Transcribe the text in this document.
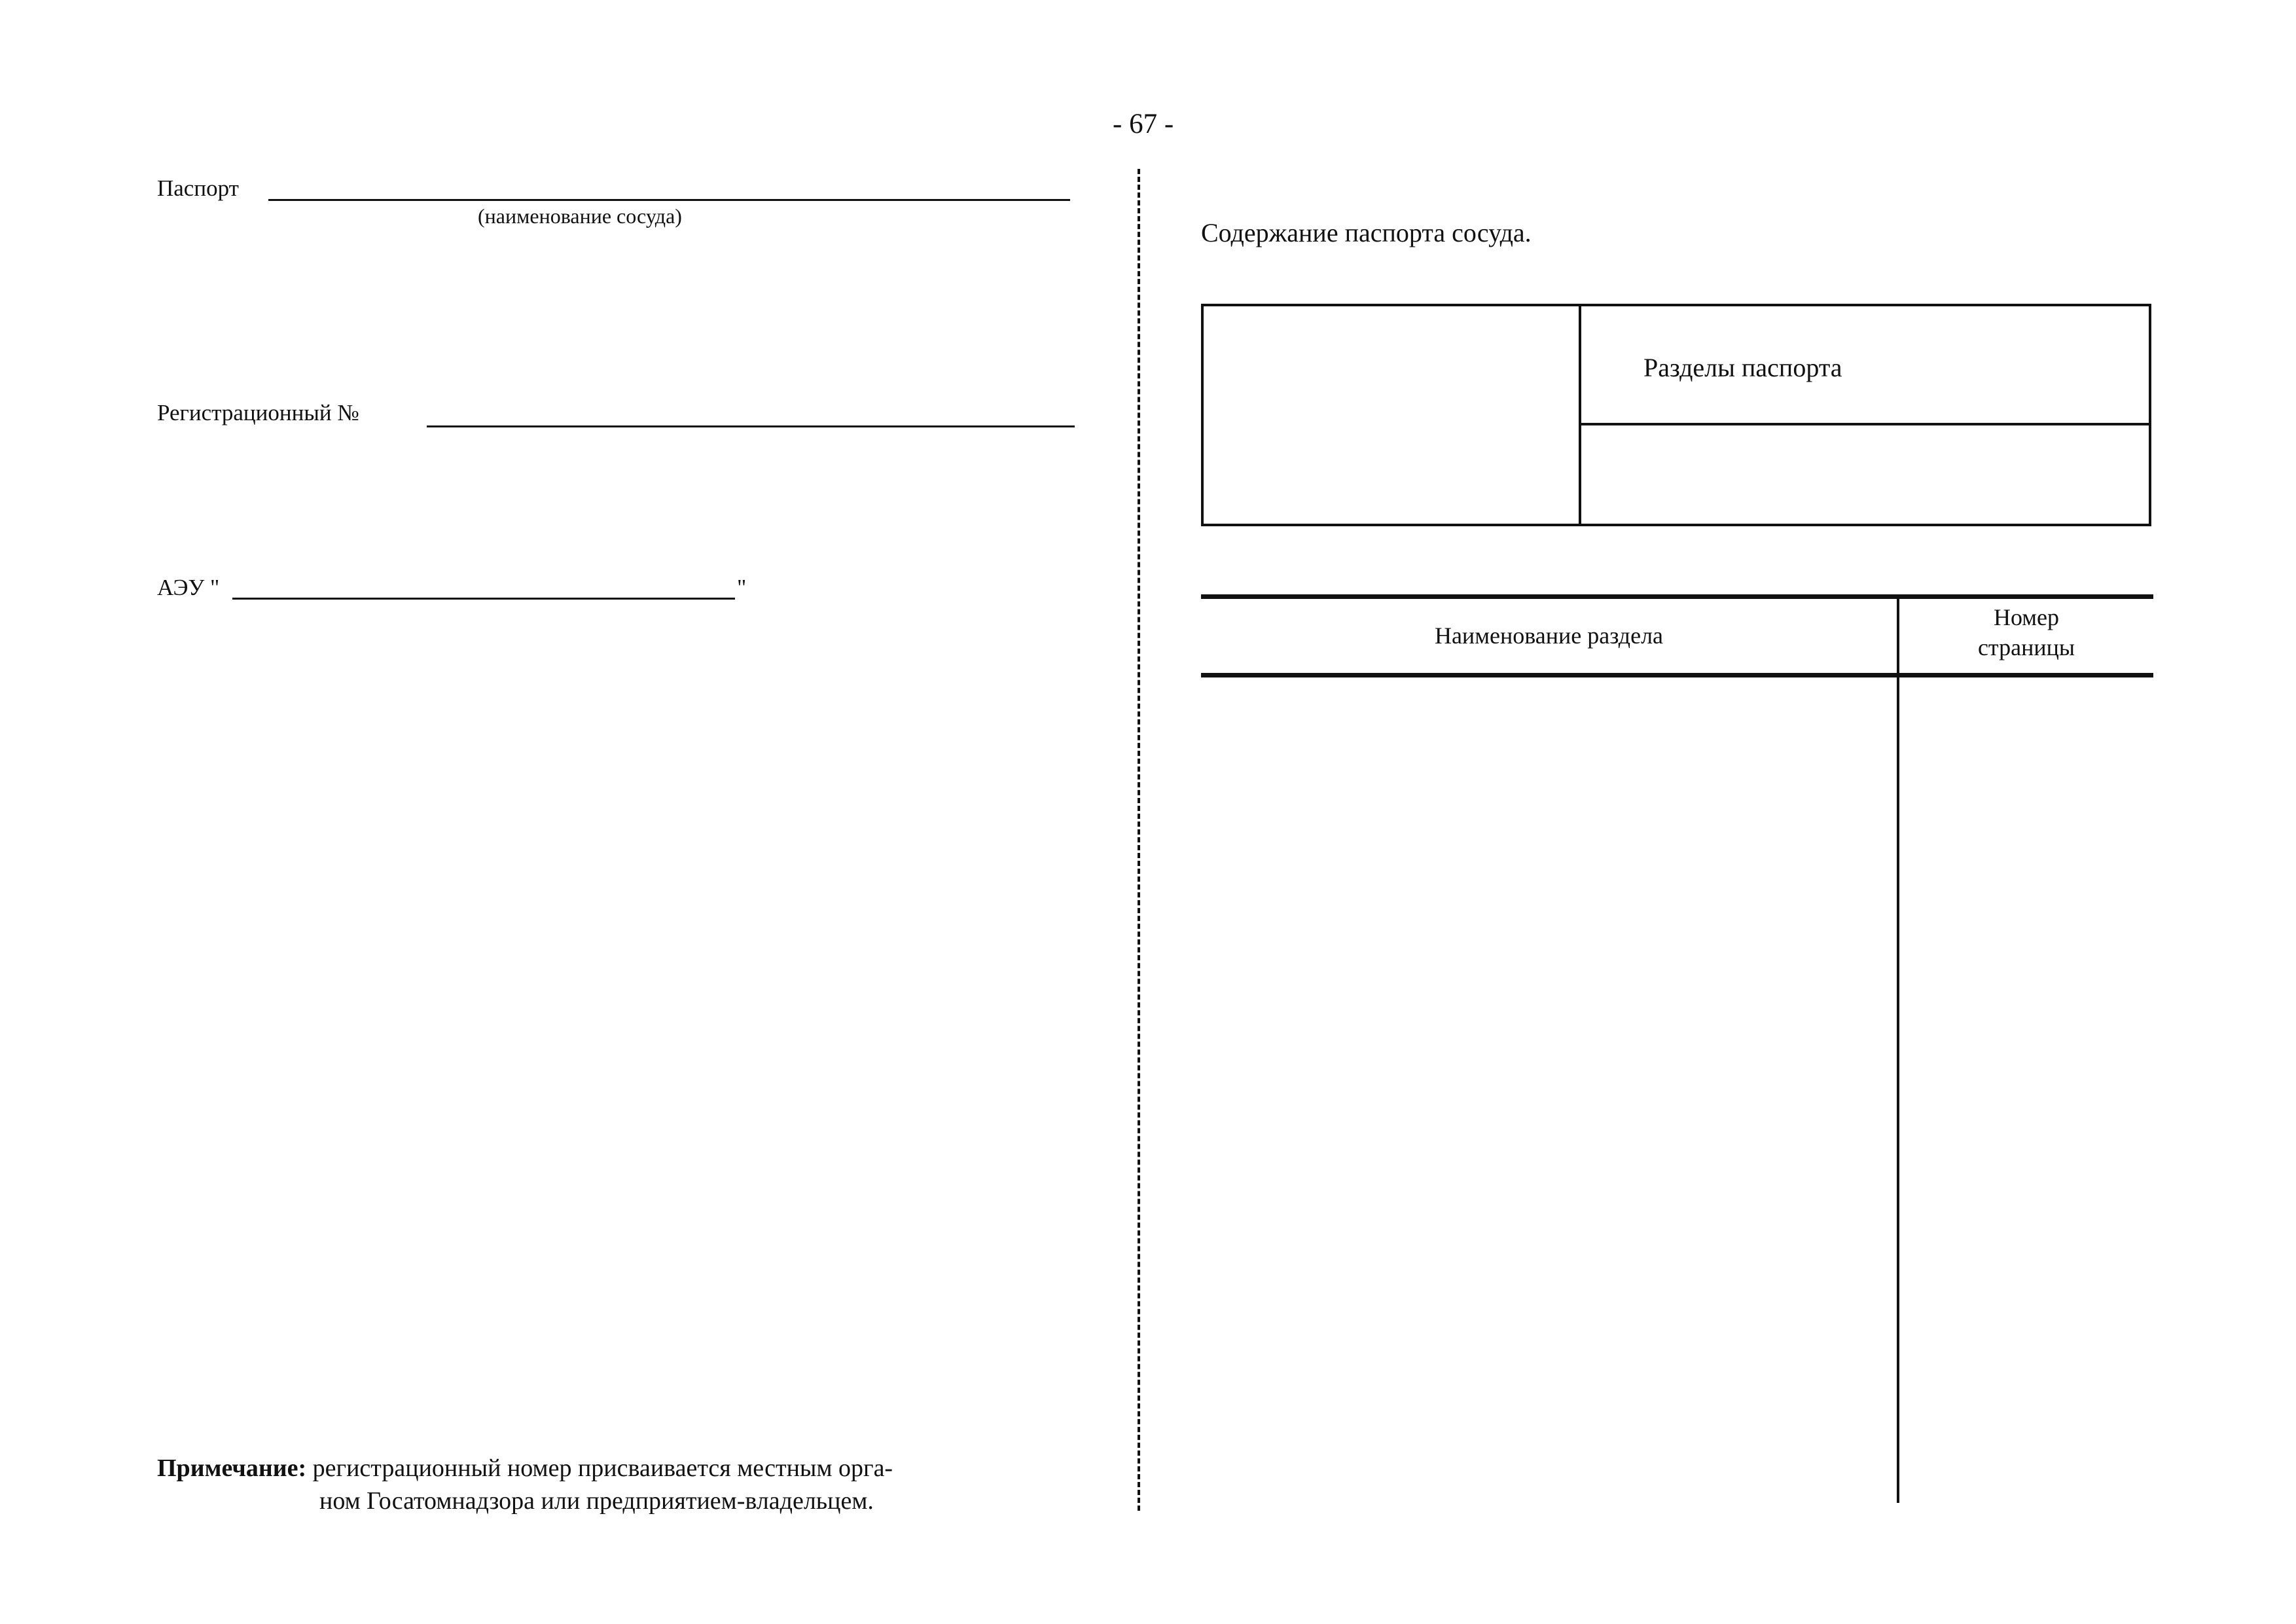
- 67 -
Паспорт
(наименование сосуда)
Регистрационный №
АЭУ "	"
Примечание: регистрационный номер присваивается местным орга-
ном Госатомнадзора или предприятием-владельцем.
Содержание паспорта сосуда.
Разделы паспорта
Наименование раздела
Номер
страницы
